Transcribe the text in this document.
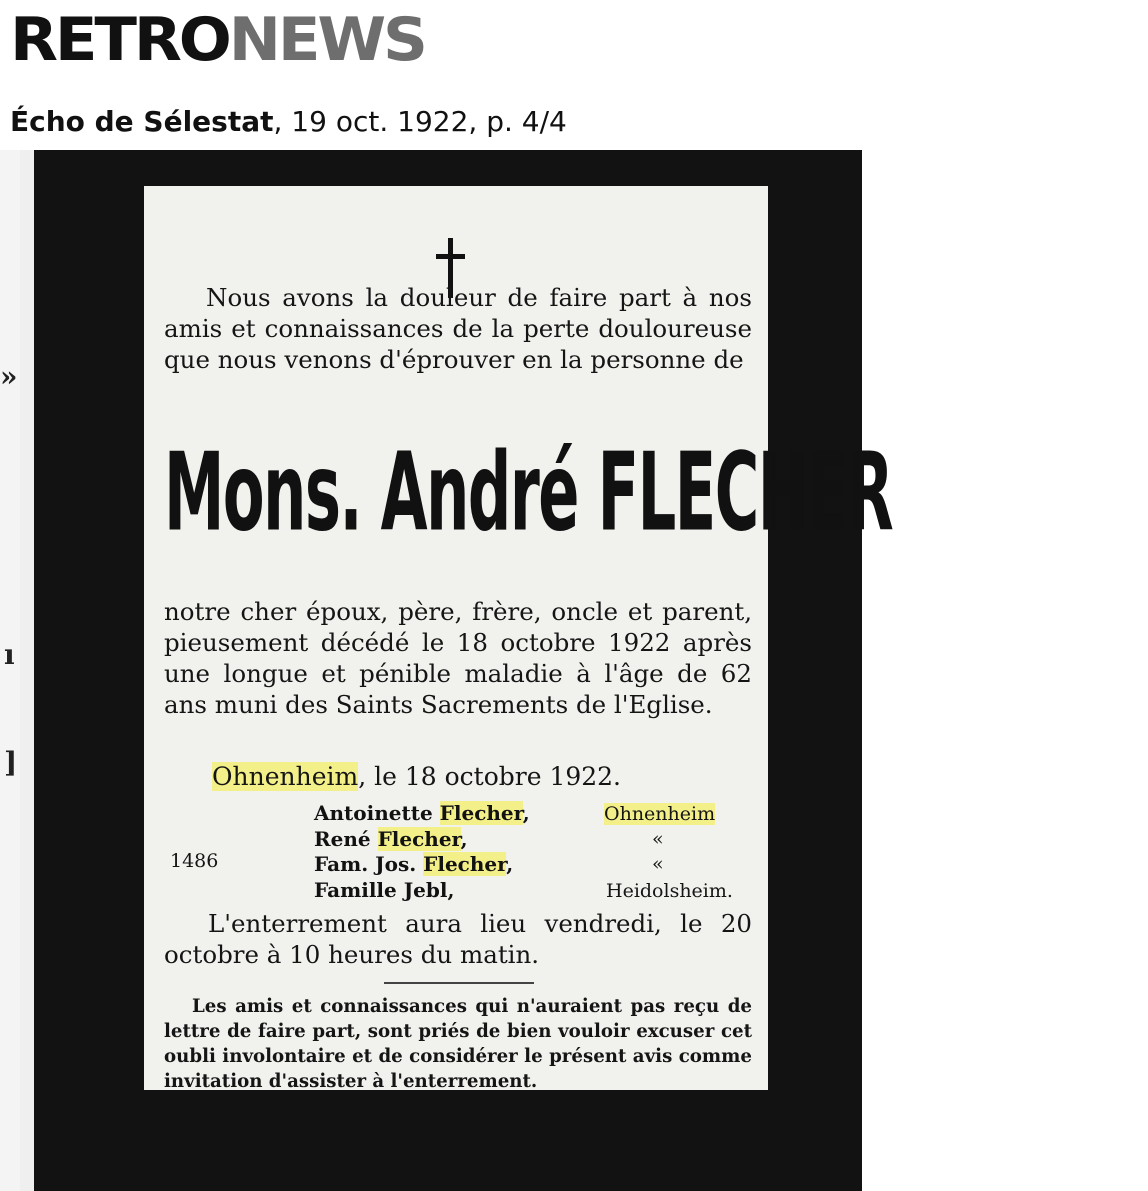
RETRONEWS
Écho de Sélestat, 19 oct. 1922, p. 4/4
»
ı
]
Nous avons la douleur de faire part à nos amis et connaissances de la perte douloureuse que nous venons d'éprouver en la personne de
Mons. André FLECHER
notre cher époux, père, frère, oncle et parent, pieusement décédé le 18 octobre 1922 après une longue et pénible maladie à l'âge de 62 ans muni des Saints Sacrements de l'Eglise.
Ohnenheim, le 18 octobre 1922.
1486
Antoinette Flecher,	Ohnenheim
René Flecher,	«
Fam. Jos. Flecher,	«
Famille Jebl,	Heidolsheim.
L'enterrement aura lieu vendredi, le 20 octobre à 10 heures du matin.
Les amis et connaissances qui n'auraient pas reçu de lettre de faire part, sont priés de bien vouloir excuser cet oubli involontaire et de considérer le présent avis comme invitation d'assister à l'enterrement.
